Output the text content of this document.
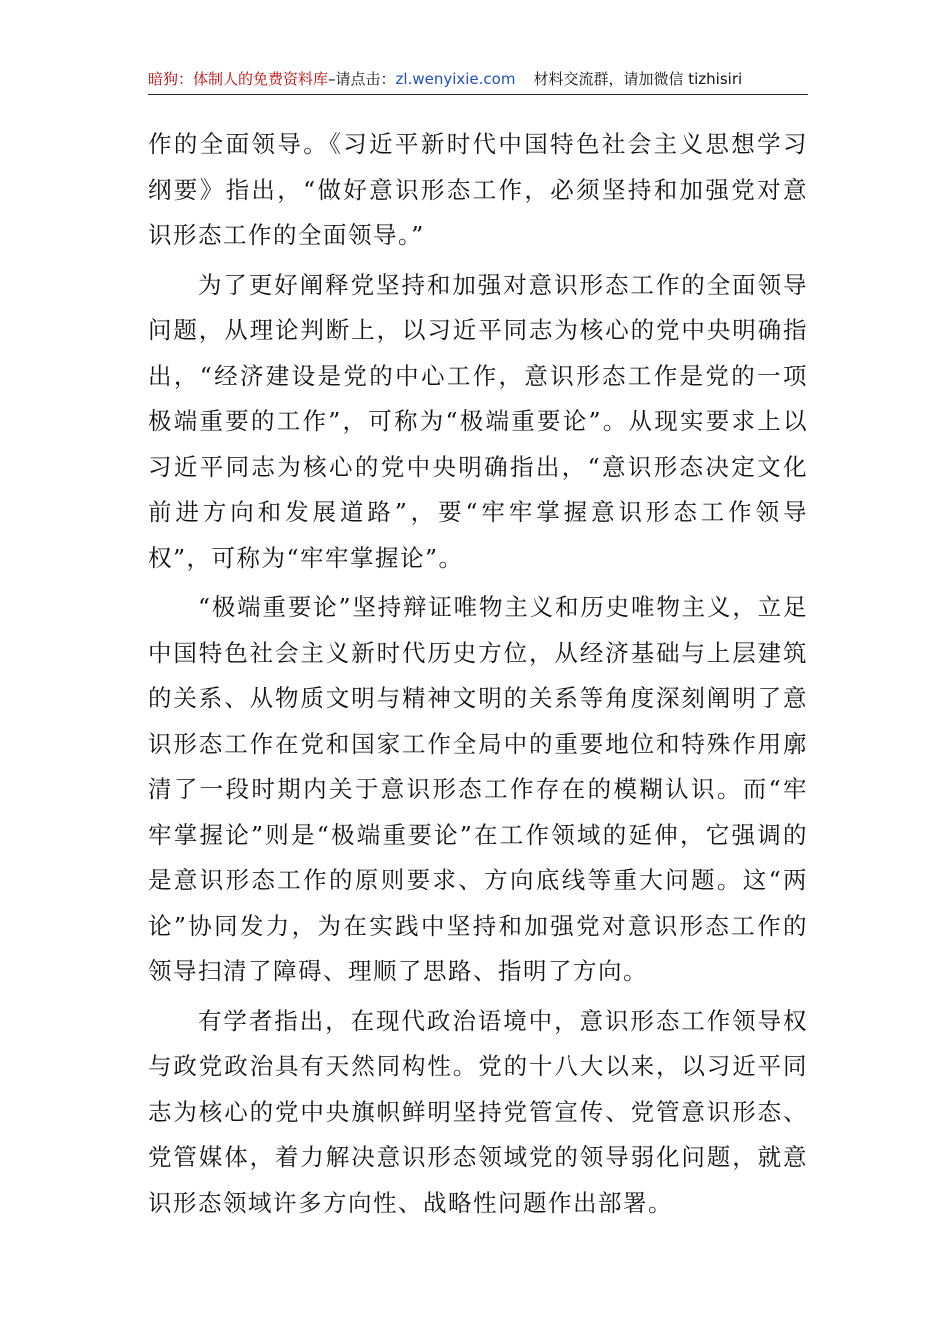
暗狗：体制人的免费资料库–请点击：zl.wenyixie.com 材料交流群，请加微信 tizhisiri

作的全面领导。《习近平新时代中国特色社会主义思想学习纲要》指出，“做好意识形态工作，必须坚持和加强党对意识形态工作的全面领导。”

为了更好阐释党坚持和加强对意识形态工作的全面领导问题，从理论判断上，以习近平同志为核心的党中央明确指出，“经济建设是党的中心工作，意识形态工作是党的一项极端重要的工作”，可称为“极端重要论”。从现实要求上以习近平同志为核心的党中央明确指出，“意识形态决定文化前进方向和发展道路”，要“牢牢掌握意识形态工作领导权”，可称为“牢牢掌握论”。

“极端重要论”坚持辩证唯物主义和历史唯物主义，立足中国特色社会主义新时代历史方位，从经济基础与上层建筑的关系、从物质文明与精神文明的关系等角度深刻阐明了意识形态工作在党和国家工作全局中的重要地位和特殊作用廓清了一段时期内关于意识形态工作存在的模糊认识。而“牢牢掌握论”则是“极端重要论”在工作领域的延伸，它强调的是意识形态工作的原则要求、方向底线等重大问题。这“两论”协同发力，为在实践中坚持和加强党对意识形态工作的领导扫清了障碍、理顺了思路、指明了方向。

有学者指出，在现代政治语境中，意识形态工作领导权与政党政治具有天然同构性。党的十八大以来，以习近平同志为核心的党中央旗帜鲜明坚持党管宣传、党管意识形态、党管媒体，着力解决意识形态领域党的领导弱化问题，就意识形态领域许多方向性、战略性问题作出部署。
